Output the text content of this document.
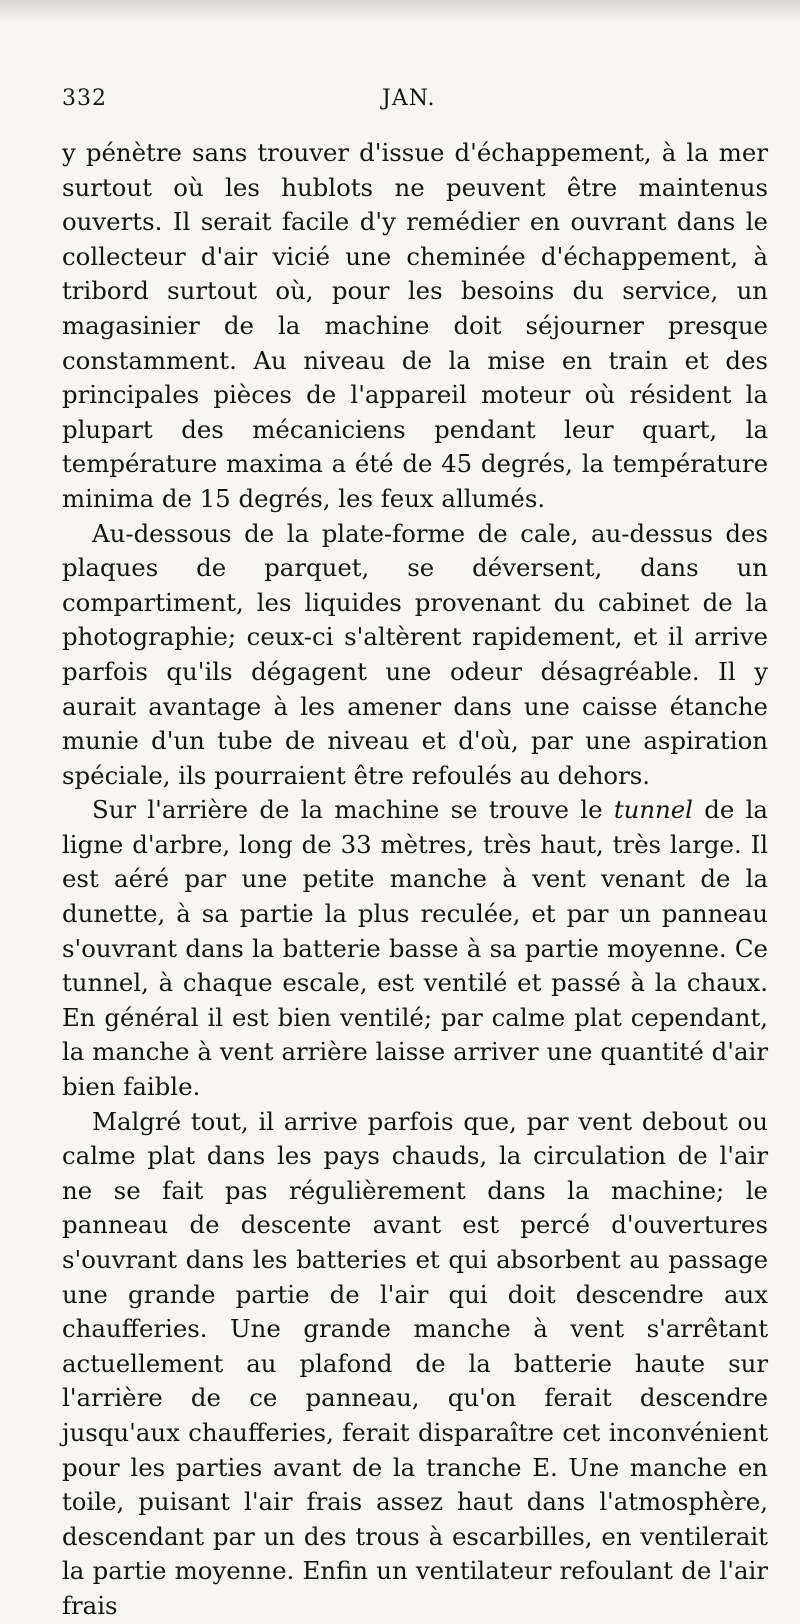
332	JAN.

y pénètre sans trouver d'issue d'échappement, à la mer surtout où les hublots ne peuvent être maintenus ouverts. Il serait facile d'y remédier en ouvrant dans le collecteur d'air vicié une cheminée d'échappement, à tribord surtout où, pour les besoins du service, un magasinier de la machine doit séjourner presque constamment. Au niveau de la mise en train et des principales pièces de l'appareil moteur où résident la plupart des mécaniciens pendant leur quart, la température maxima a été de 45 degrés, la température minima de 15 degrés, les feux allumés.

Au-dessous de la plate-forme de cale, au-dessus des plaques de parquet, se déversent, dans un compartiment, les liquides provenant du cabinet de la photographie; ceux-ci s'altèrent rapidement, et il arrive parfois qu'ils dégagent une odeur désagréable. Il y aurait avantage à les amener dans une caisse étanche munie d'un tube de niveau et d'où, par une aspiration spéciale, ils pourraient être refoulés au dehors.

Sur l'arrière de la machine se trouve le tunnel de la ligne d'arbre, long de 33 mètres, très haut, très large. Il est aéré par une petite manche à vent venant de la dunette, à sa partie la plus reculée, et par un panneau s'ouvrant dans la batterie basse à sa partie moyenne. Ce tunnel, à chaque escale, est ventilé et passé à la chaux. En général il est bien ventilé; par calme plat cependant, la manche à vent arrière laisse arriver une quantité d'air bien faible.

Malgré tout, il arrive parfois que, par vent debout ou calme plat dans les pays chauds, la circulation de l'air ne se fait pas régulièrement dans la machine; le panneau de descente avant est percé d'ouvertures s'ouvrant dans les batteries et qui absorbent au passage une grande partie de l'air qui doit descendre aux chaufferies. Une grande manche à vent s'arrêtant actuellement au plafond de la batterie haute sur l'arrière de ce panneau, qu'on ferait descendre jusqu'aux chaufferies, ferait disparaître cet inconvénient pour les parties avant de la tranche E. Une manche en toile, puisant l'air frais assez haut dans l'atmosphère, descendant par un des trous à escarbilles, en ventilerait la partie moyenne. Enfin un ventilateur refoulant de l'air frais
